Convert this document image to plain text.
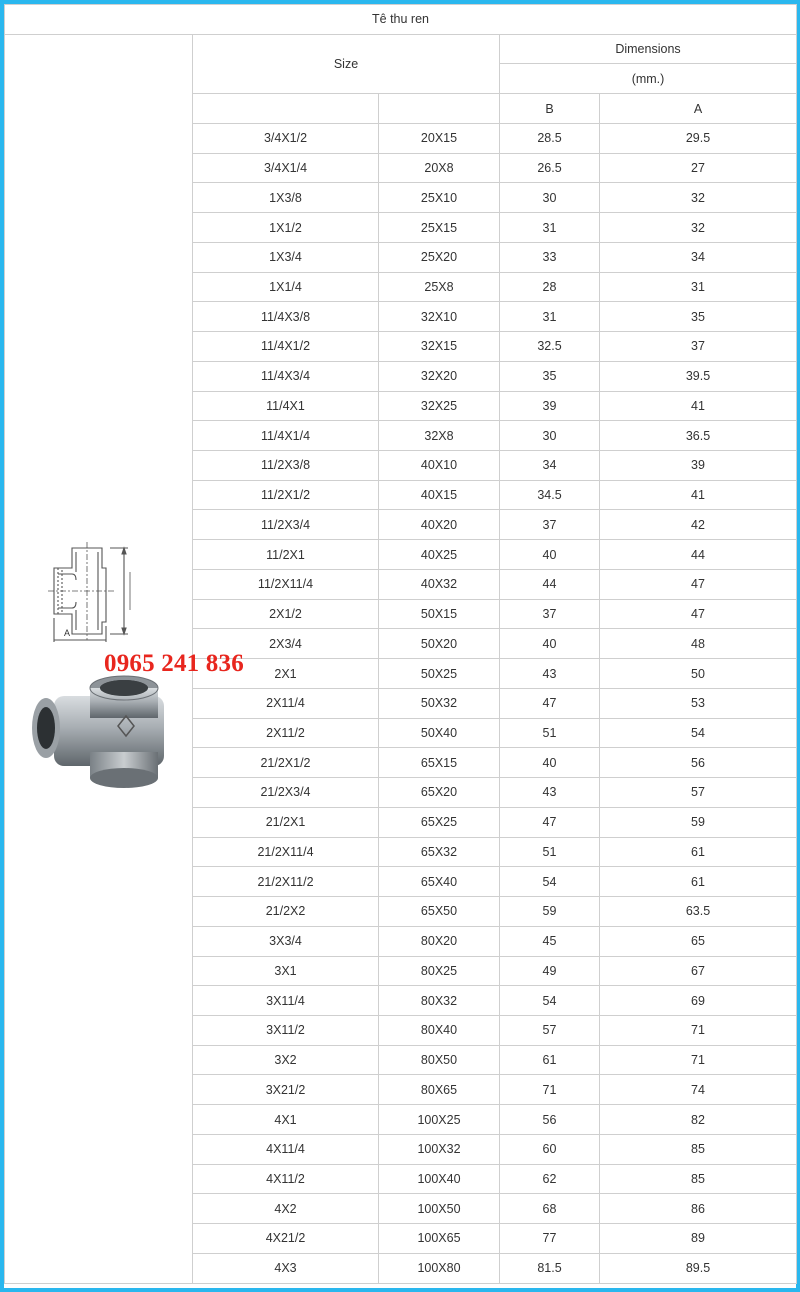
Tê thu ren				

A	Size		Dimensions	
			(mm.)	
			B	A
	3/4X1/2	20X15	28.5	29.5
	3/4X1/4	20X8	26.5	27
	1X3/8	25X10	30	32
	1X1/2	25X15	31	32
	1X3/4	25X20	33	34
	1X1/4	25X8	28	31
	11/4X3/8	32X10	31	35
	11/4X1/2	32X15	32.5	37
	11/4X3/4	32X20	35	39.5
	11/4X1	32X25	39	41
	11/4X1/4	32X8	30	36.5
	11/2X3/8	40X10	34	39
	11/2X1/2	40X15	34.5	41
	11/2X3/4	40X20	37	42
	11/2X1	40X25	40	44
	11/2X11/4	40X32	44	47
	2X1/2	50X15	37	47
	2X3/4	50X20	40	48
	2X1	50X25	43	50
	2X11/4	50X32	47	53
	2X11/2	50X40	51	54
	21/2X1/2	65X15	40	56
	21/2X3/4	65X20	43	57
	21/2X1	65X25	47	59
	21/2X11/4	65X32	51	61
	21/2X11/2	65X40	54	61
	21/2X2	65X50	59	63.5
	3X3/4	80X20	45	65
	3X1	80X25	49	67
	3X11/4	80X32	54	69
	3X11/2	80X40	57	71
	3X2	80X50	61	71
	3X21/2	80X65	71	74
	4X1	100X25	56	82
	4X11/4	100X32	60	85
	4X11/2	100X40	62	85
	4X2	100X50	68	86
	4X21/2	100X65	77	89
	4X3	100X80	81.5	89.5
0965 241 836
